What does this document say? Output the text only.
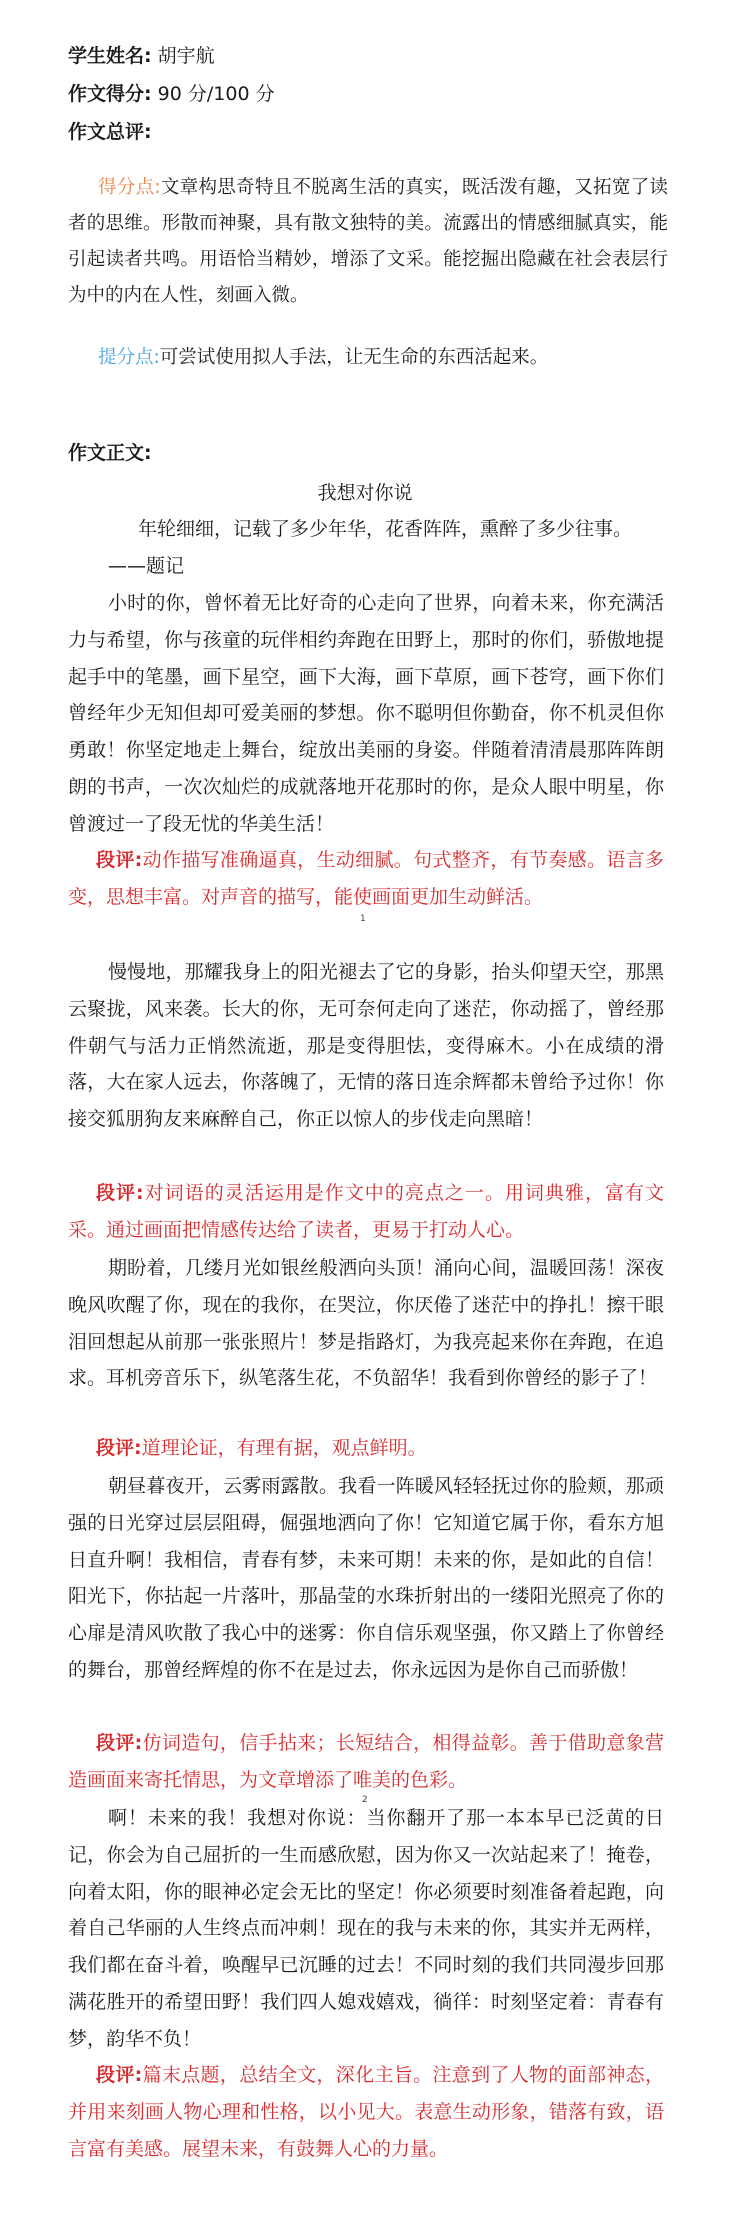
学生姓名: 胡宇航
作文得分: 90 分/100 分
作文总评:
得分点:文章构思奇特且不脱离生活的真实，既活泼有趣，又拓宽了读者的思维。形散而神聚，具有散文独特的美。流露出的情感细腻真实，能引起读者共鸣。用语恰当精妙，增添了文采。能挖掘出隐藏在社会表层行为中的内在人性，刻画入微。
提分点:可尝试使用拟人手法，让无生命的东西活起来。
作文正文:
我想对你说
年轮细细，记载了多少年华，花香阵阵，熏醉了多少往事。
——题记
小时的你，曾怀着无比好奇的心走向了世界，向着未来，你充满活力与希望，你与孩童的玩伴相约奔跑在田野上，那时的你们，骄傲地提起手中的笔墨，画下星空，画下大海，画下草原，画下苍穹，画下你们曾经年少无知但却可爱美丽的梦想。你不聪明但你勤奋，你不机灵但你勇敢！你坚定地走上舞台，绽放出美丽的身姿。伴随着清清晨那阵阵朗朗的书声，一次次灿烂的成就落地开花那时的你，是众人眼中明星，你曾渡过一了段无忧的华美生活！
段评:动作描写准确逼真，生动细腻。句式整齐，有节奏感。语言多变，思想丰富。对声音的描写，能使画面更加生动鲜活。
1
慢慢地，那耀我身上的阳光褪去了它的身影，抬头仰望天空，那黑云聚拢，风来袭。长大的你，无可奈何走向了迷茫，你动摇了，曾经那件朝气与活力正悄然流逝，那是变得胆怯，变得麻木。小在成绩的滑落，大在家人远去，你落魄了，无情的落日连余辉都未曾给予过你！你接交狐朋狗友来麻醉自己，你正以惊人的步伐走向黑暗！
段评:对词语的灵活运用是作文中的亮点之一。用词典雅，富有文采。通过画面把情感传达给了读者，更易于打动人心。
期盼着，几缕月光如银丝般洒向头顶！涌向心间，温暖回荡！深夜晚风吹醒了你，现在的我你，在哭泣，你厌倦了迷茫中的挣扎！擦干眼泪回想起从前那一张张照片！梦是指路灯，为我亮起来你在奔跑，在追求。耳机旁音乐下，纵笔落生花，不负韶华！我看到你曾经的影子了！
段评:道理论证，有理有据，观点鲜明。
朝昼暮夜开，云雾雨露散。我看一阵暖风轻轻抚过你的脸颊，那顽强的日光穿过层层阻碍，倔强地洒向了你！它知道它属于你，看东方旭日直升啊！我相信，青春有梦，未来可期！未来的你，是如此的自信！阳光下，你拈起一片落叶，那晶莹的水珠折射出的一缕阳光照亮了你的心扉是清风吹散了我心中的迷雾：你自信乐观坚强，你又踏上了你曾经的舞台，那曾经辉煌的你不在是过去，你永远因为是你自己而骄傲！
段评:仿词造句，信手拈来；长短结合，相得益彰。善于借助意象营造画面来寄托情思，为文章增添了唯美的色彩。
2
啊！未来的我！我想对你说：当你翻开了那一本本早已泛黄的日记，你会为自己屈折的一生而感欣慰，因为你又一次站起来了！掩卷，向着太阳，你的眼神必定会无比的坚定！你必须要时刻准备着起跑，向着自己华丽的人生终点而冲刺！现在的我与未来的你，其实并无两样，我们都在奋斗着，唤醒早已沉睡的过去！不同时刻的我们共同漫步回那满花胜开的希望田野！我们四人媳戏嬉戏，徜徉：时刻坚定着：青春有梦，韵华不负！
段评:篇末点题，总结全文，深化主旨。注意到了人物的面部神态，并用来刻画人物心理和性格，以小见大。表意生动形象，错落有致，语言富有美感。展望未来，有鼓舞人心的力量。
